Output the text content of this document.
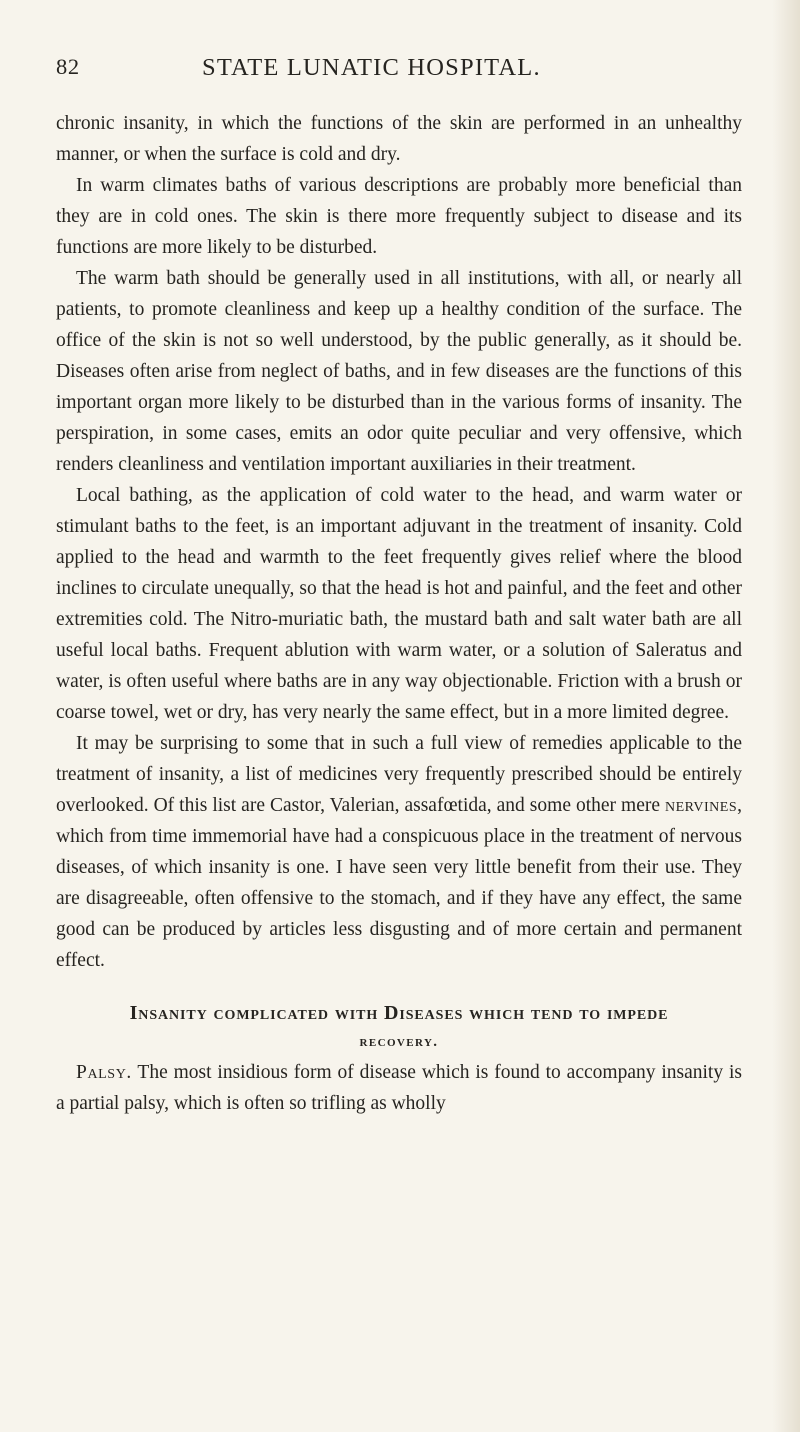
82	STATE LUNATIC HOSPITAL.

chronic insanity, in which the functions of the skin are performed in an unhealthy manner, or when the surface is cold and dry.

In warm climates baths of various descriptions are probably more beneficial than they are in cold ones. The skin is there more frequently subject to disease and its functions are more likely to be disturbed.

The warm bath should be generally used in all institutions, with all, or nearly all patients, to promote cleanliness and keep up a healthy condition of the surface. The office of the skin is not so well understood, by the public generally, as it should be. Diseases often arise from neglect of baths, and in few diseases are the functions of this important organ more likely to be disturbed than in the various forms of insanity. The perspiration, in some cases, emits an odor quite peculiar and very offensive, which renders cleanliness and ventilation important auxiliaries in their treatment.

Local bathing, as the application of cold water to the head, and warm water or stimulant baths to the feet, is an important adjuvant in the treatment of insanity. Cold applied to the head and warmth to the feet frequently gives relief where the blood inclines to circulate unequally, so that the head is hot and painful, and the feet and other extremities cold. The Nitro-muriatic bath, the mustard bath and salt water bath are all useful local baths. Frequent ablution with warm water, or a solution of Saleratus and water, is often useful where baths are in any way objectionable. Friction with a brush or coarse towel, wet or dry, has very nearly the same effect, but in a more limited degree.

It may be surprising to some that in such a full view of remedies applicable to the treatment of insanity, a list of medicines very frequently prescribed should be entirely overlooked. Of this list are Castor, Valerian, assafœtida, and some other mere nervines, which from time immemorial have had a conspicuous place in the treatment of nervous diseases, of which insanity is one. I have seen very little benefit from their use. They are disagreeable, often offensive to the stomach, and if they have any effect, the same good can be produced by articles less disgusting and of more certain and permanent effect.

Insanity complicated with Diseases which tend to impede
recovery.

Palsy. The most insidious form of disease which is found to accompany insanity is a partial palsy, which is often so trifling as wholly
